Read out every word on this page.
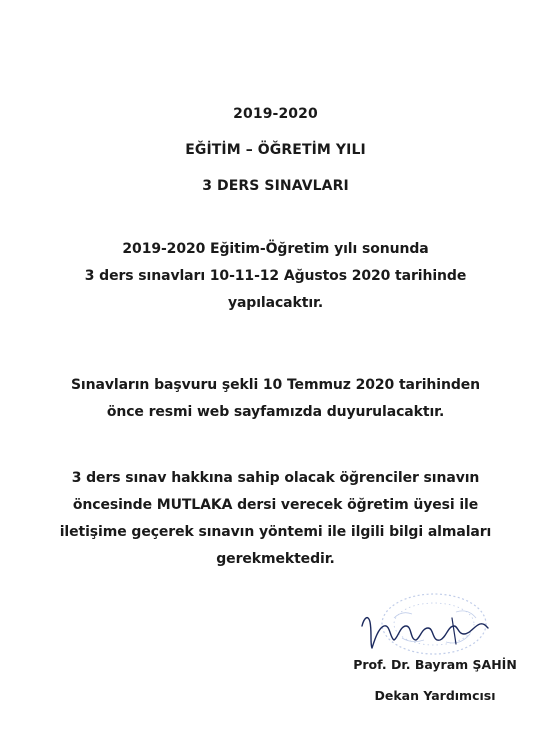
2019-2020
EĞİTİM – ÖĞRETİM YILI
3 DERS SINAVLARI
2019-2020 Eğitim-Öğretim yılı sonunda
3 ders sınavları 10-11-12 Ağustos 2020 tarihinde
yapılacaktır.
Sınavların başvuru şekli 10 Temmuz 2020 tarihinden
önce resmi web sayfamızda duyurulacaktır.
3 ders sınav hakkına sahip olacak öğrenciler sınavın
öncesinde MUTLAKA dersi verecek öğretim üyesi ile
iletişime geçerek sınavın yöntemi ile ilgili bilgi almaları
gerekmektedir.
Prof. Dr. Bayram ŞAHİN
Dekan Yardımcısı
